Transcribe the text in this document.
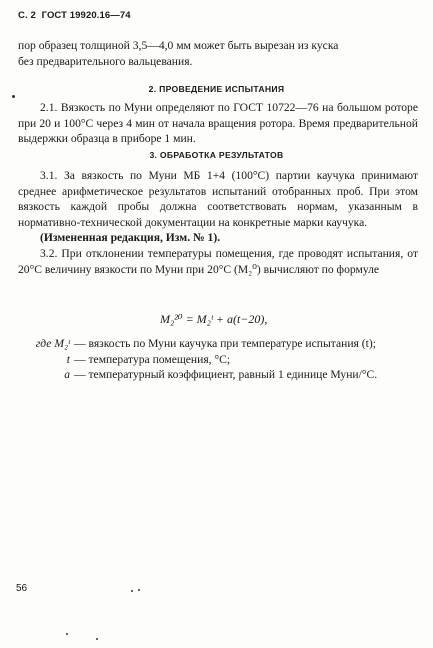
С. 2 ГОСТ 19920.16—74

пор образец толщиной 3,5—4,0 мм может быть вырезан из куска

без предварительного вальцевания.

2. ПРОВЕДЕНИЕ ИСПЫТАНИЯ

2.1. Вязкость по Муни определяют по ГОСТ 10722—76 на большом роторе при 20 и 100°С через 4 мин от начала вращения ротора. Время предварительной выдержки образца в приборе 1 мин.

3. ОБРАБОТКА РЕЗУЛЬТАТОВ

3.1. За вязкость по Муни МБ 1+4 (100°С) партии каучука принимают среднее арифметическое результатов испытаний отобранных проб. При этом вязкость каждой пробы должна соответствовать нормам, указанным в нормативно-технической документации на конкретные марки каучука.

(Измененная редакция, Изм. № 1).

3.2. При отклонении температуры помещения, где проводят испытания, от 20°С величину вязкости по Муни при 20°С (М₂⁰) вычисляют по формуле

M₂²⁰ = M₂ᵗ + a(t−20),
где M₂ᵗ — вязкость по Муни каучука при температуре испытания (t);
t — температура помещения, °С;
a — температурный коэффициент, равный 1 единице Муни/°С.
56
